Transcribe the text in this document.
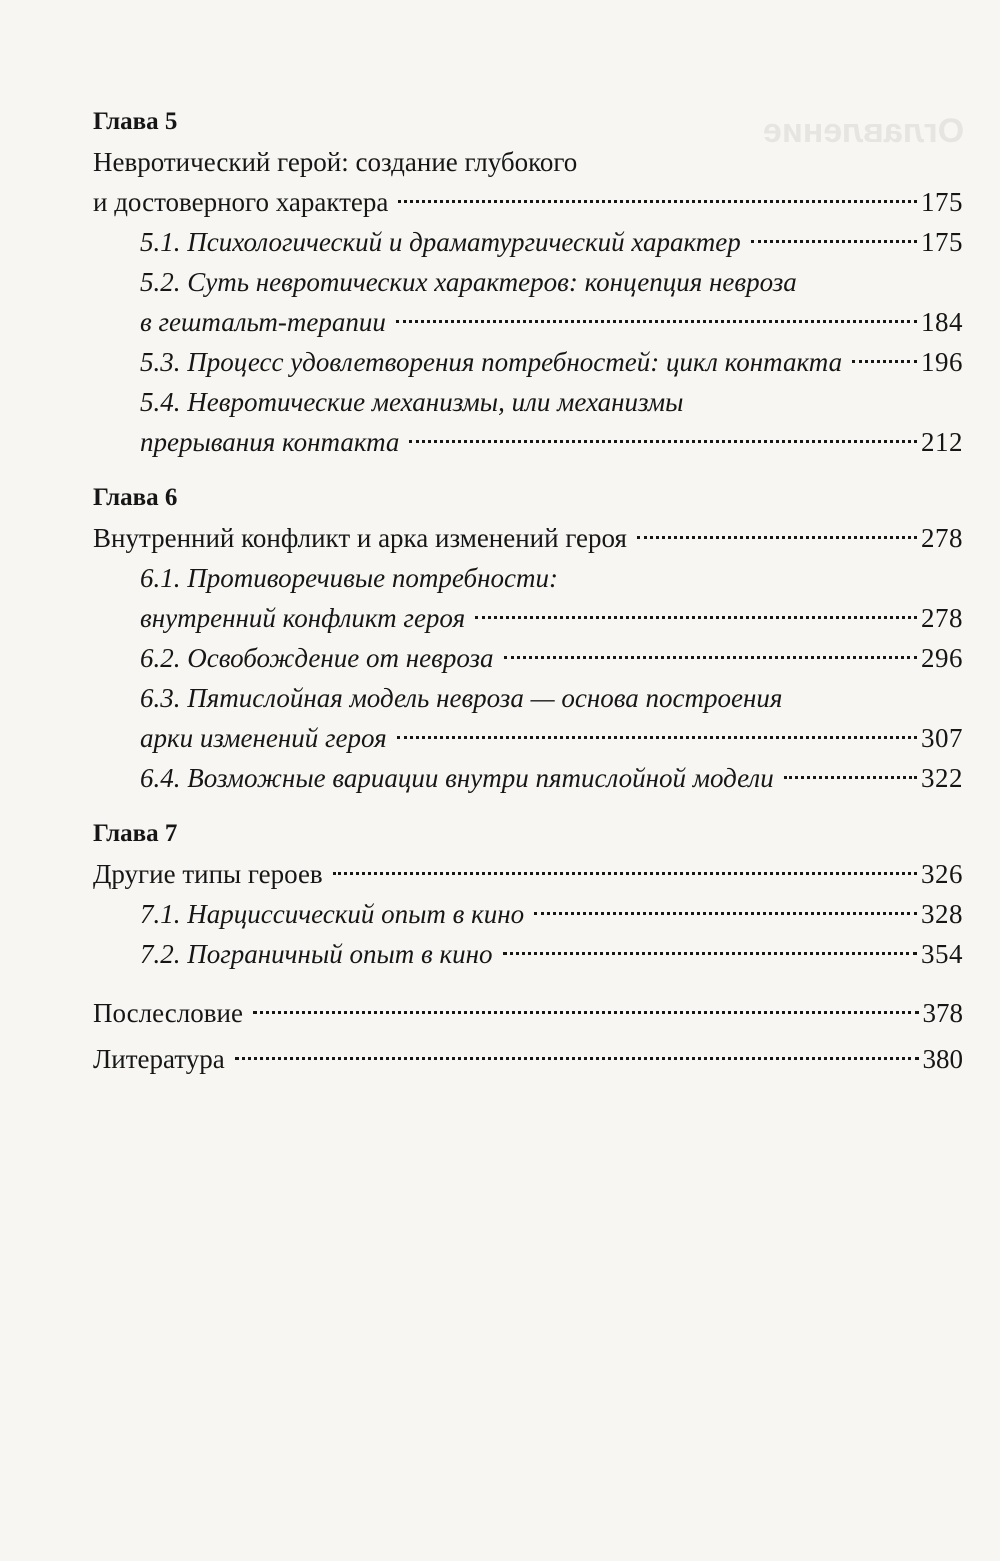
Оглавление
Глава 5
Невротический герой: создание глубокого
и достоверного характера	175
5.1. Психологический и драматургический характер	175
5.2. Суть невротических характеров: концепция невроза
в гештальт-терапии	184
5.3. Процесс удовлетворения потребностей: цикл контакта	196
5.4. Невротические механизмы, или механизмы
прерывания контакта	212
Глава 6
Внутренний конфликт и арка изменений героя	278
6.1. Противоречивые потребности:
внутренний конфликт героя	278
6.2. Освобождение от невроза	296
6.3. Пятислойная модель невроза — основа построения
арки изменений героя	307
6.4. Возможные вариации внутри пятислойной модели	322
Глава 7
Другие типы героев	326
7.1. Нарциссический опыт в кино	328
7.2. Пограничный опыт в кино	354
Послесловие	378
Литература	380
